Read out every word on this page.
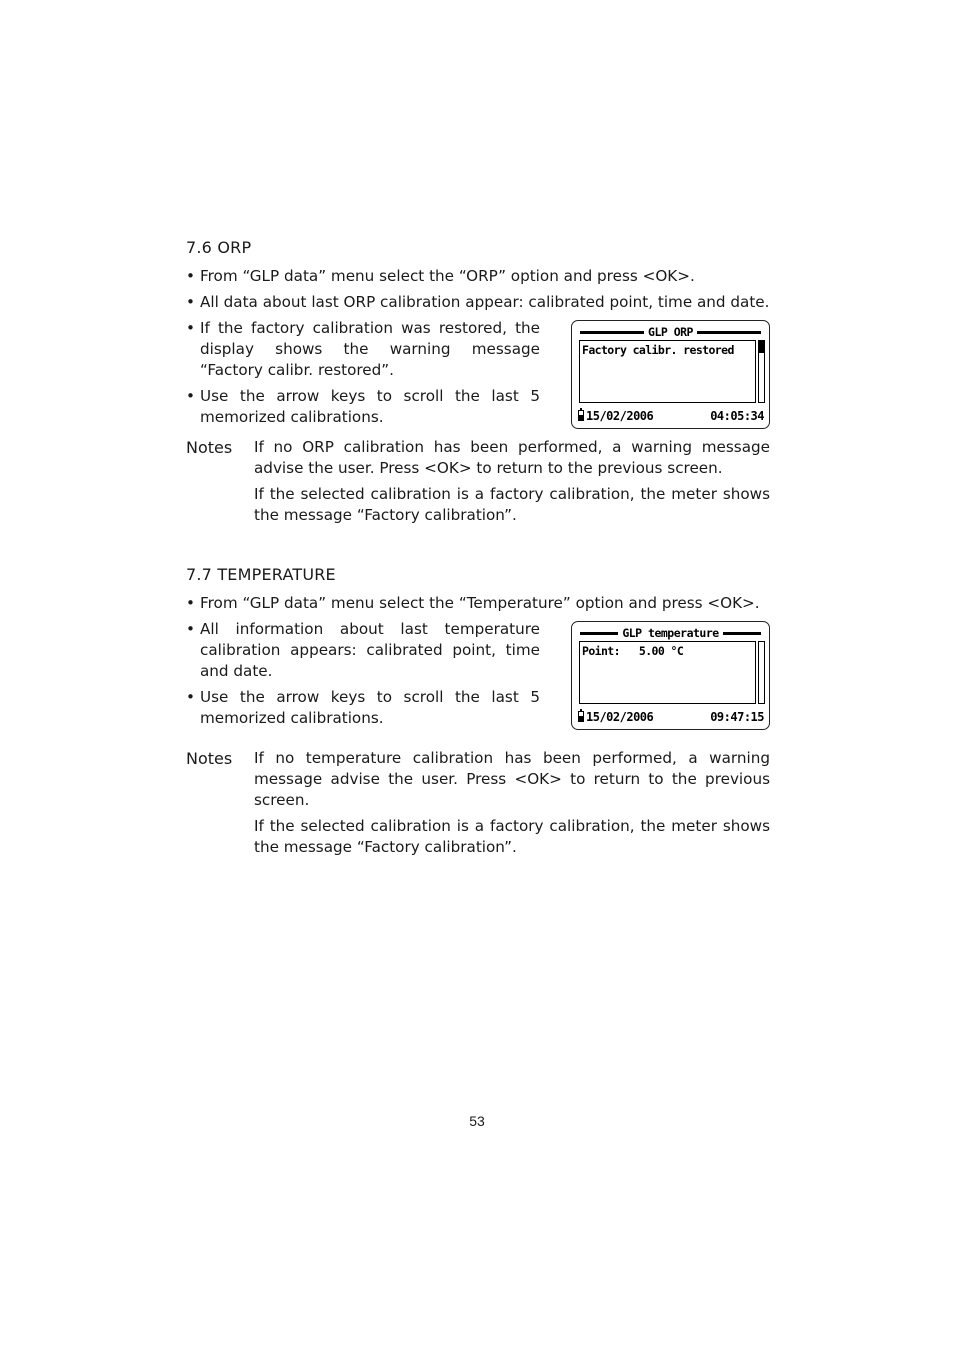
7.6 ORP
• From “GLP data” menu select the “ORP” option and press <OK>.
• All data about last ORP calibration appear: calibrated point, time and date.
• If the factory calibration was restored, the display shows the warning message “Factory calibr. restored”.
• Use the arrow keys to scroll the last 5 memorized calibrations.
GLP ORP
Factory calibr. restored
15/02/2006	04:05:34
Notes	If no ORP calibration has been performed, a warning message advise the user. Press <OK> to return to the previous screen.

If the selected calibration is a factory calibration, the meter shows the message “Factory calibration”.

7.7 TEMPERATURE
• From “GLP data” menu select the “Temperature” option and press <OK>.
• All information about last temperature calibration appears: calibrated point, time and date.
• Use the arrow keys to scroll the last 5 memorized calibrations.
GLP temperature
Point:   5.00 °C
15/02/2006	09:47:15
Notes	If no temperature calibration has been performed, a warning message advise the user. Press <OK> to return to the previous screen.

If the selected calibration is a factory calibration, the meter shows the message “Factory calibration”.

53
